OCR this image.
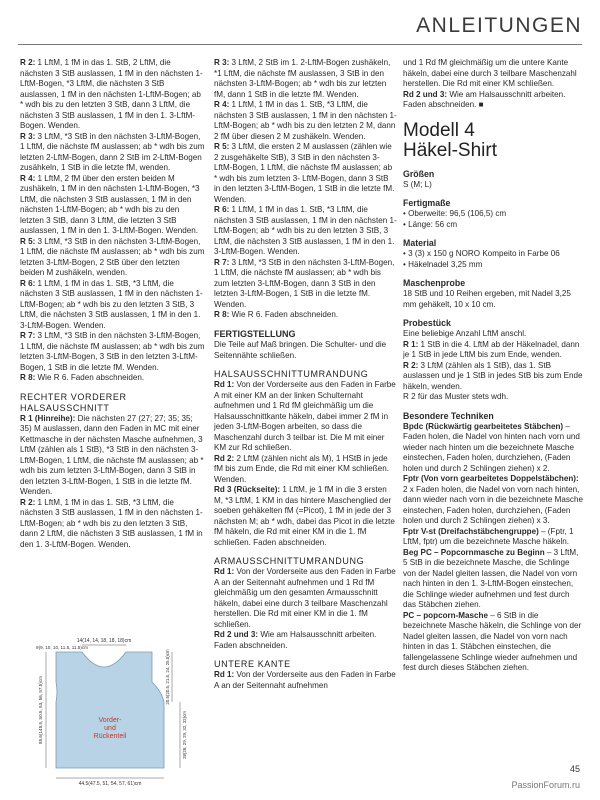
ANLEITUNGEN

R 2: 1 LftM, 1 fM in das 1. StB, 2 LftM, die nächsten 3 StB auslassen, 1 fM in den nächsten 1-LftM-Bogen, *3 LftM, die nächsten 3 StB auslassen, 1 fM in den nächsten 1-LftM-Bogen; ab * wdh bis zu den letzten 3 StB, dann 3 LftM, die nächsten 3 StB auslassen, 1 fM in den 1. 3-LftM-Bogen. Wenden.

R 3: 3 LftM, *3 StB in den nächsten 3-LftM-Bogen, 1 LftM, die nächste fM auslassen; ab * wdh bis zum letzten 2-LftM-Bogen, dann 2 StB im 2-LftM-Bogen zusähkeln, 1 StB in die letzte fM, wenden.

R 4: 1 LftM, 2 fM über den ersten beiden M zushäkeln, 1 fM in den nächsten 1-LftM-Bogen, *3 LftM, die nächsten 3 StB auslassen, 1 fM in den nächsten 1-LftM-Bogen; ab * wdh bis zu den letzten 3 StB, dann 3 LftM, die letzten 3 StB auslassen, 1 fM in den 1. 3-LftM-Bogen. Wenden.

R 5: 3 LftM, *3 StB in den nächsten 3-LftM-Bogen, 1 LftM, die nächste fM auslassen; ab * wdh bis zum letzten 3-LftM-Bogen, 2 StB über den letzten beiden M zushäkeln, wenden.

R 6: 1 LftM, 1 fM in das 1. StB, *3 LftM, die nächsten 3 StB auslassen, 1 fM in den nächsten 1-LftM-Bogen; ab * wdh bis zu den letzten 3 StB, 3 LftM, die nächsten 3 StB auslassen, 1 fM in den 1. 3-LftM-Bogen. Wenden.

R 7: 3 LftM, *3 StB in den nächsten 3-LftM-Bogen, 1 LftM, die nächste fM auslassen; ab * wdh bis zum letzten 3-LftM-Bogen, 3 StB in den letzten 3-LftM-Bogen, 1 StB in die letzte fM. Wenden.

R 8: Wie R 6. Faden abschneiden.

RECHTER VORDERER HALSAUSSCHNITT

R 1 (Hinreihe): Die nächsten 27 (27; 27; 35; 35; 35) M auslassen, dann den Faden in MC mit einer Kettmasche in der nächsten Masche aufnehmen, 3 LftM (zählen als 1 StB), *3 StB in den nächsten 3-LftM-Bogen, 1 LftM, die nächste fM auslassen; ab * wdh bis zum letzten 3-LftM-Bogen, dann 3 StB in den letzten 3-LftM-Bogen, 1 StB in die letzte fM. Wenden.

R 2: 1 LftM, 1 fM in das 1. StB, *3 LftM, die nächsten 3 StB auslassen, 1 fM in den nächsten 1-LftM-Bogen; ab * wdh bis zu den letzten 3 StB, dann 2 LftM, die nächsten 3 StB auslassen, 1 fM in den 1. 3-LftM-Bogen. Wenden.

14(14, 14, 18, 18, 18)cm
9(9, 10, 10, 11.5, 11.5)cm
85.6(148.5, 50.5, 53, 56, 57.5)cm	20.5(20.5, 21.5, 24, 25.5)cm
28(28, 29, 29, 32, 32)cm
44.5(47.5, 51, 54, 57, 61)cm
Vorder-
und
Rückenteil

R 3: 3 LftM, 2 StB im 1. 2-LftM-Bogen zushäkeln, *1 LftM, die nächste fM auslassen, 3 StB in den nächsten 3-LftM-Bogen; ab * wdh bis zur letzten fM, dann 1 StB in die letzte fM. Wenden.

R 4: 1 LftM, 1 fM in das 1. StB, *3 LftM, die nächsten 3 StB auslassen, 1 fM in den nächsten 1-LftM-Bogen; ab * wdh bis zu den letzten 2 M, dann 2 fM über diesen 2 M zushäkeln. Wenden.

R 5: 3 LftM, die ersten 2 M auslassen (zählen wie 2 zusgehäkelte StB), 3 StB in den nächsten 3-LftM-Bogen, 1 LftM, die nächste fM auslassen; ab * wdh bis zum letzten 3- LftM-Bogen, dann 3 StB in den letzten 3-LftM-Bogen, 1 StB in die letzte fM. Wenden.

R 6: 1 LftM, 1 fM in das 1. StB, *3 LftM, die nächsten 3 StB auslassen, 1 fM in den nächsten 1-LftM-Bogen; ab * wdh bis zu den letzten 3 StB, 3 LftM, die nächsten 3 StB auslassen, 1 fM in den 1. 3-LftM-Bogen. Wenden.

R 7: 3 LftM, *3 StB in den nächsten 3-LftM-Bogen, 1 LftM, die nächste fM auslassen; ab * wdh bis zum letzten 3-LftM-Bogen, dann 3 StB in den letzten 3-LftM-Bogen, 1 StB in die letzte fM. Wenden.

R 8: Wie R 6. Faden abschneiden.

FERTIGSTELLUNG

Die Teile auf Maß bringen. Die Schulter- und die Seitennähte schließen.

HALSAUSSCHNITTUMRANDUNG

Rd 1: Von der Vorderseite aus den Faden in Farbe A mit einer KM an der linken Schulternaht aufnehmen und 1 Rd fM gleichmäßig um die Halsausschnittkante häkeln, dabei immer 2 fM in jeden 3-LftM-Bogen arbeiten, so dass die Maschenzahl durch 3 teilbar ist. Die M mit einer KM zur Rd schließen.

Rd 2: 2 LftM (zählen nicht als M), 1 HStB in jede fM bis zum Ende, die Rd mit einer KM schließen. Wenden.

Rd 3 (Rückseite): 1 LftM, je 1 fM in die 3 ersten M, *3 LftM, 1 KM in das hintere Maschenglied der soeben gehäkelten fM (=Picot), 1 fM in jede der 3 nächsten M; ab * wdh, dabei das Picot in die letzte fM häkeln, die Rd mit einer KM in die 1. fM schließen. Faden abschneiden.

ARMAUSSCHNITTUMRANDUNG

Rd 1: Von der Vorderseite aus den Faden in Farbe A an der Seitennaht aufnehmen und 1 Rd fM gleichmäßig um den gesamten Armausschnitt häkeln, dabei eine durch 3 teilbare Maschenzahl herstellen. Die Rd mit einer KM in die 1. fM schließen.

Rd 2 und 3: Wie am Halsausschnitt arbeiten. Faden abschneiden.

UNTERE KANTE

Rd 1: Von der Vorderseite aus den Faden in Farbe A an der Seitennaht aufnehmen

und 1 Rd fM gleichmäßig um die untere Kante häkeln, dabei eine durch 3 teilbare Maschenzahl herstellen. Die Rd mit einer KM schließen.

Rd 2 und 3: Wie am Halsausschnitt arbeiten. Faden abschneiden. ■

Modell 4
Häkel-Shirt
Größen

S (M; L)

Fertigmaße

• Oberweite: 96,5 (106,5) cm

• Länge: 56 cm

Material

• 3 (3) x 150 g NORO Kompeito in Farbe 06

• Häkelnadel 3,25 mm

Maschenprobe

18 StB und 10 Reihen ergeben, mit Nadel 3,25 mm gehäkelt, 10 x 10 cm.

Probestück

Eine beliebige Anzahl LftM anschl.

R 1: 1 StB in die 4. LftM ab der Häkelnadel, dann je 1 StB in jede LftM bis zum Ende, wenden.

R 2: 3 LftM (zählen als 1 StB), das 1. StB auslassen und je 1 StB in jedes StB bis zum Ende häkeln, wenden.

R 2 für das Muster stets wdh.

Besondere Techniken

Bpdc (Rückwärtig gearbeitetes Stäbchen) – Faden holen, die Nadel von hinten nach vorn und wieder nach hinten um die bezeichnete Masche einstechen, Faden holen, durchziehen, (Faden holen und durch 2 Schlingen ziehen) x 2.

Fptr (Von vorn gearbeitetes Doppelstäbchen): 2 x Faden holen, die Nadel von vorn nach hinten, dann wieder nach vorn in die bezeichnete Masche einstechen, Faden holen, durchziehen, (Faden holen und durch 2 Schlingen ziehen) x 3.

Fptr V-st (Dreifachstäbchengruppe) – (Fptr, 1 LftM, fptr) um die bezeichnete Masche häkeln.

Beg PC – Popcornmasche zu Beginn – 3 LftM, 5 StB in die bezeichnete Masche, die Schlinge von der Nadel gleiten lassen, die Nadel von vorn nach hinten in den 1. 3-LftM-Bogen einstechen, die Schlinge wieder aufnehmen und fest durch das Stäbchen ziehen.

PC – popcorn-Masche – 6 StB in die bezeichnete Masche häkeln, die Schlinge von der Nadel gleiten lassen, die Nadel von vorn nach hinten in das 1. Stäbchen einstechen, die fallengelassene Schlinge wieder aufnehmen und fest durch dieses Stäbchen ziehen.

45
PassionForum.ru
